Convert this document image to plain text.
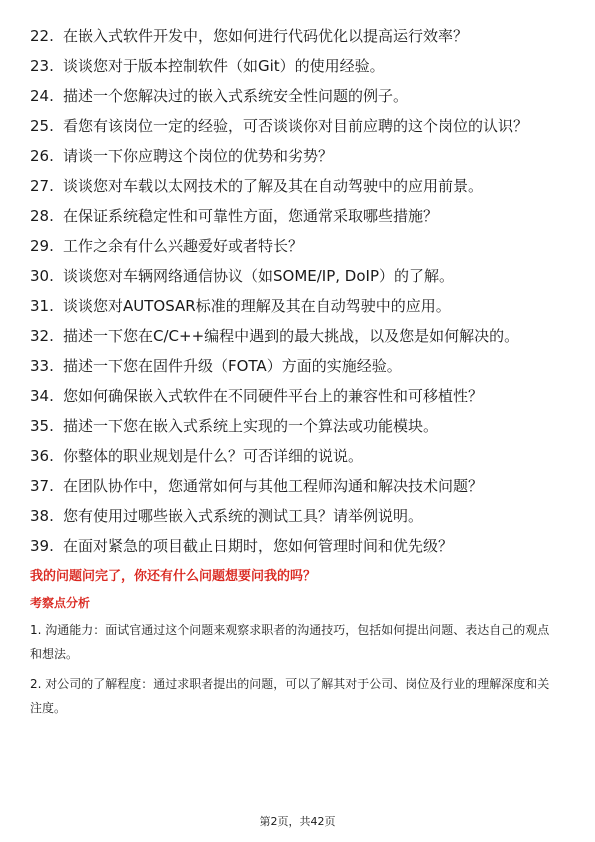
22. 在嵌入式软件开发中，您如何进行代码优化以提高运行效率？
23. 谈谈您对于版本控制软件（如Git）的使用经验。
24. 描述一个您解决过的嵌入式系统安全性问题的例子。
25. 看您有该岗位一定的经验，可否谈谈你对目前应聘的这个岗位的认识？
26. 请谈一下你应聘这个岗位的优势和劣势？
27. 谈谈您对车载以太网技术的了解及其在自动驾驶中的应用前景。
28. 在保证系统稳定性和可靠性方面，您通常采取哪些措施？
29. 工作之余有什么兴趣爱好或者特长？
30. 谈谈您对车辆网络通信协议（如SOME/IP, DoIP）的了解。
31. 谈谈您对AUTOSAR标准的理解及其在自动驾驶中的应用。
32. 描述一下您在C/C++编程中遇到的最大挑战，以及您是如何解决的。
33. 描述一下您在固件升级（FOTA）方面的实施经验。
34. 您如何确保嵌入式软件在不同硬件平台上的兼容性和可移植性？
35. 描述一下您在嵌入式系统上实现的一个算法或功能模块。
36. 你整体的职业规划是什么？可否详细的说说。
37. 在团队协作中，您通常如何与其他工程师沟通和解决技术问题？
38. 您有使用过哪些嵌入式系统的测试工具？请举例说明。
39. 在面对紧急的项目截止日期时，您如何管理时间和优先级？
我的问题问完了，你还有什么问题想要问我的吗？
考察点分析
1. 沟通能力：面试官通过这个问题来观察求职者的沟通技巧，包括如何提出问题、表达自己的观点和想法。
2. 对公司的了解程度：通过求职者提出的问题，可以了解其对于公司、岗位及行业的理解深度和关注度。
第2页，共42页
